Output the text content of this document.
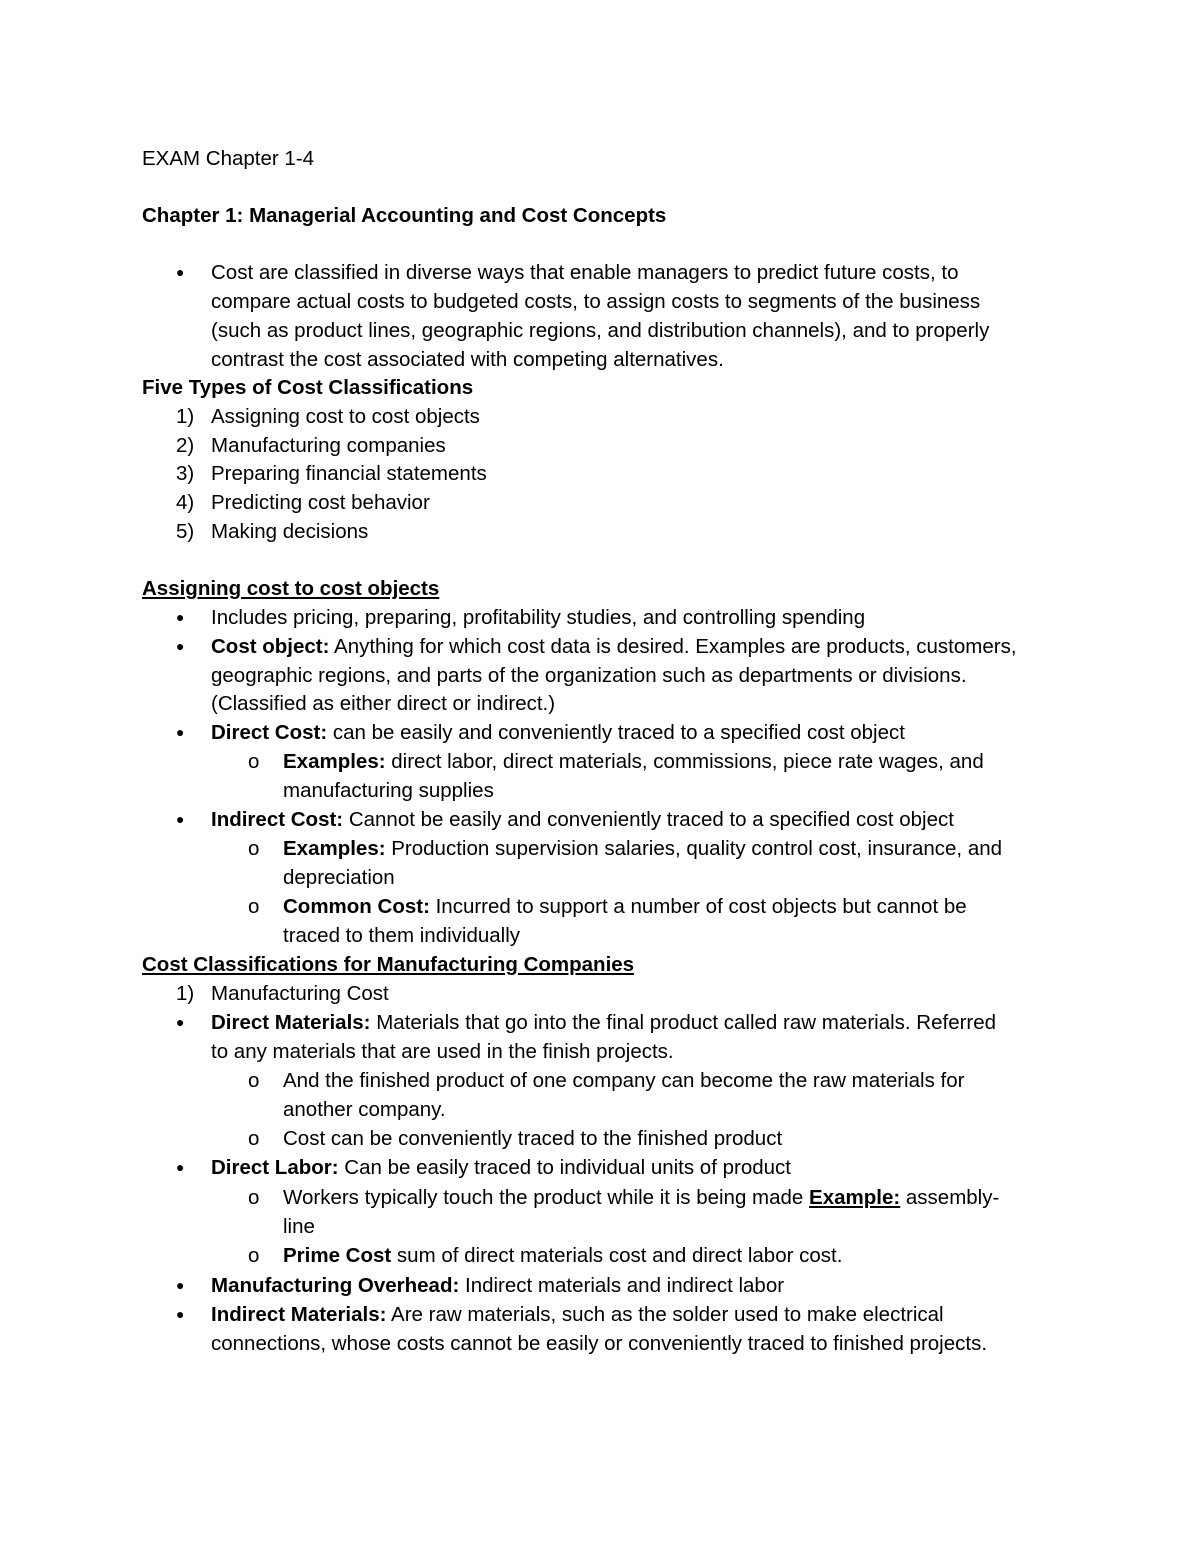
EXAM Chapter 1-4
Chapter 1: Managerial Accounting and Cost Concepts
●	Cost are classified in diverse ways that enable managers to predict future costs, to
compare actual costs to budgeted costs, to assign costs to segments of the business
(such as product lines, geographic regions, and distribution channels), and to properly
contrast the cost associated with competing alternatives.
Five Types of Cost Classifications
1) Assigning cost to cost objects
2) Manufacturing companies
3) Preparing financial statements
4) Predicting cost behavior
5) Making decisions
Assigning cost to cost objects
●	Includes pricing, preparing, profitability studies, and controlling spending
●	Cost object: Anything for which cost data is desired. Examples are products, customers,
geographic regions, and parts of the organization such as departments or divisions.
(Classified as either direct or indirect.)
●	Direct Cost: can be easily and conveniently traced to a specified cost object
o	Examples: direct labor, direct materials, commissions, piece rate wages, and
manufacturing supplies
●	Indirect Cost: Cannot be easily and conveniently traced to a specified cost object
o	Examples: Production supervision salaries, quality control cost, insurance, and
depreciation
o	Common Cost: Incurred to support a number of cost objects but cannot be
traced to them individually
Cost Classifications for Manufacturing Companies
1) Manufacturing Cost
●	Direct Materials: Materials that go into the final product called raw materials. Referred
to any materials that are used in the finish projects.
o	And the finished product of one company can become the raw materials for
another company.
o	Cost can be conveniently traced to the finished product
●	Direct Labor: Can be easily traced to individual units of product
o	Workers typically touch the product while it is being made Example: assembly-
line
o	Prime Cost sum of direct materials cost and direct labor cost.
●	Manufacturing Overhead: Indirect materials and indirect labor
●	Indirect Materials: Are raw materials, such as the solder used to make electrical
connections, whose costs cannot be easily or conveniently traced to finished projects.
